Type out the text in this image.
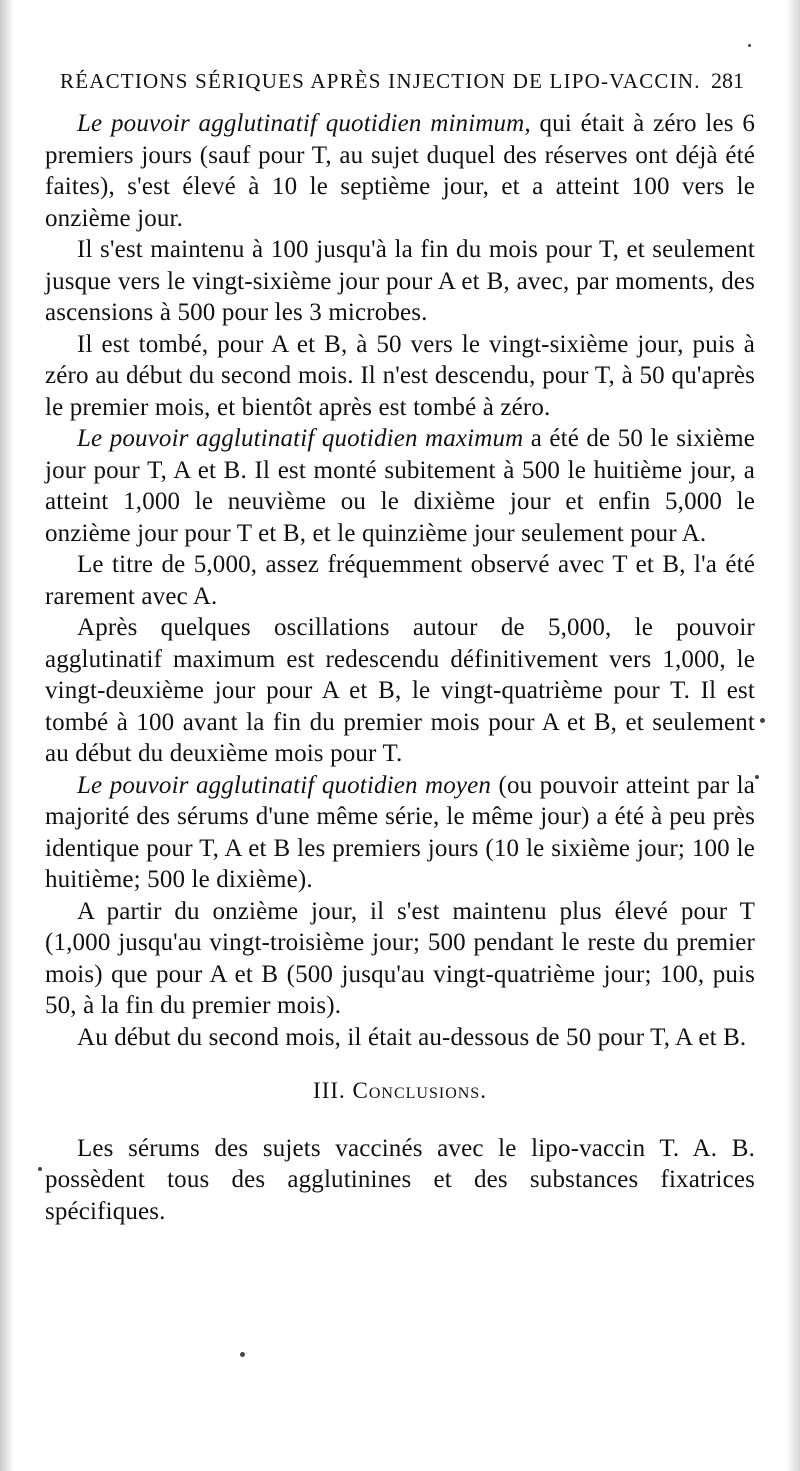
RÉACTIONS SÉRIQUES APRÈS INJECTION DE LIPO-VACCIN. 281

Le pouvoir agglutinatif quotidien minimum, qui était à zéro les 6 premiers jours (sauf pour T, au sujet duquel des réserves ont déjà été faites), s'est élevé à 10 le septième jour, et a atteint 100 vers le onzième jour.

Il s'est maintenu à 100 jusqu'à la fin du mois pour T, et seulement jusque vers le vingt-sixième jour pour A et B, avec, par moments, des ascensions à 500 pour les 3 microbes.

Il est tombé, pour A et B, à 50 vers le vingt-sixième jour, puis à zéro au début du second mois. Il n'est descendu, pour T, à 50 qu'après le premier mois, et bientôt après est tombé à zéro.

Le pouvoir agglutinatif quotidien maximum a été de 50 le sixième jour pour T, A et B. Il est monté subitement à 500 le huitième jour, a atteint 1,000 le neuvième ou le dixième jour et enfin 5,000 le onzième jour pour T et B, et le quinzième jour seulement pour A.

Le titre de 5,000, assez fréquemment observé avec T et B, l'a été rarement avec A.

Après quelques oscillations autour de 5,000, le pouvoir agglutinatif maximum est redescendu définitivement vers 1,000, le vingt-deuxième jour pour A et B, le vingt-quatrième pour T. Il est tombé à 100 avant la fin du premier mois pour A et B, et seulement au début du deuxième mois pour T.

Le pouvoir agglutinatif quotidien moyen (ou pouvoir atteint par la majorité des sérums d'une même série, le même jour) a été à peu près identique pour T, A et B les premiers jours (10 le sixième jour; 100 le huitième; 500 le dixième).

A partir du onzième jour, il s'est maintenu plus élevé pour T (1,000 jusqu'au vingt-troisième jour; 500 pendant le reste du premier mois) que pour A et B (500 jusqu'au vingt-quatrième jour; 100, puis 50, à la fin du premier mois).

Au début du second mois, il était au-dessous de 50 pour T, A et B.

III. Conclusions.

Les sérums des sujets vaccinés avec le lipo-vaccin T. A. B. possèdent tous des agglutinines et des substances fixatrices spécifiques.
